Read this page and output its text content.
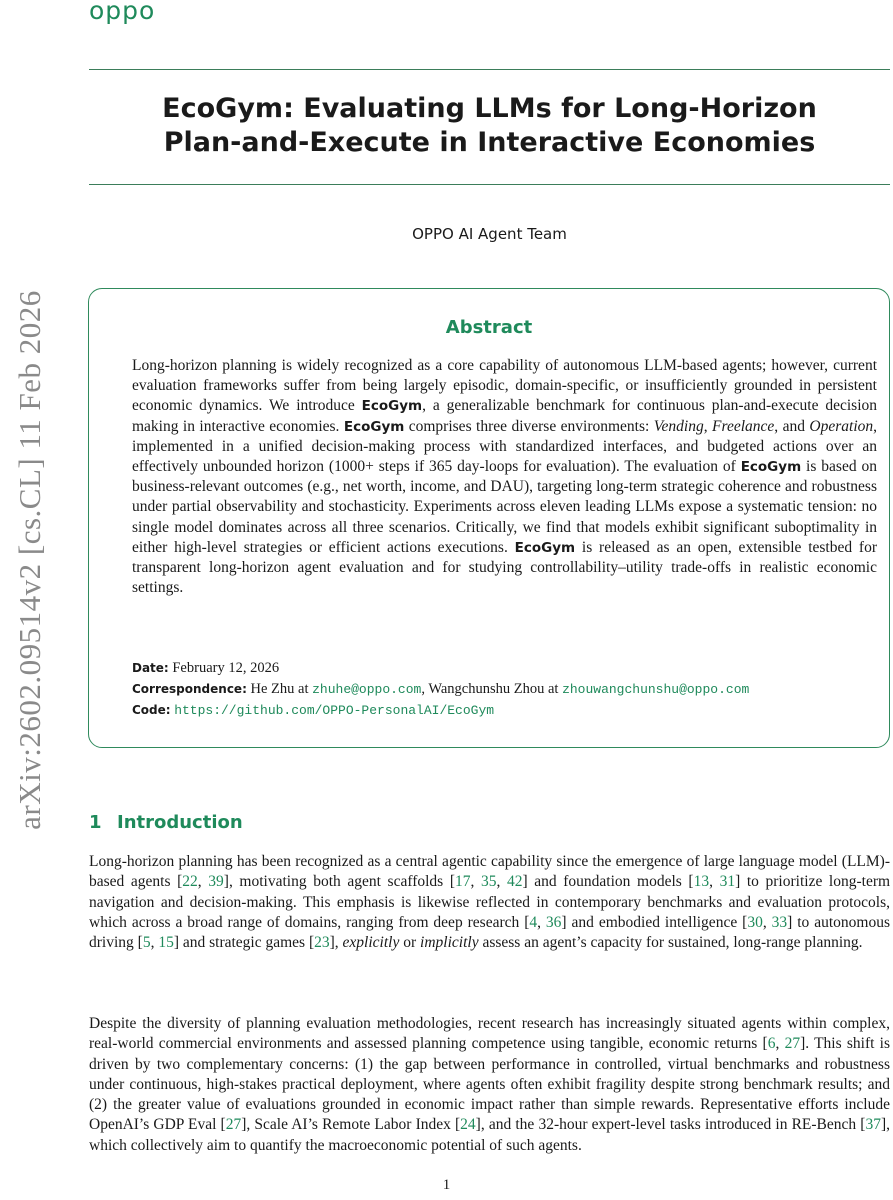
oppo
arXiv:2602.09514v2 [cs.CL] 11 Feb 2026
EcoGym: Evaluating LLMs for Long-Horizon
Plan-and-Execute in Interactive Economies
OPPO AI Agent Team
Abstract
Long-horizon planning is widely recognized as a core capability of autonomous LLM-based agents; however, current evaluation frameworks suffer from being largely episodic, domain-specific, or insufficiently grounded in persistent economic dynamics. We introduce EcoGym, a generalizable benchmark for continuous plan-and-execute decision making in interactive economies. EcoGym comprises three diverse environments: Vending, Freelance, and Operation, implemented in a unified decision-making process with standardized interfaces, and budgeted actions over an effectively unbounded horizon (1000+ steps if 365 day-loops for evaluation). The evaluation of EcoGym is based on business-relevant outcomes (e.g., net worth, income, and DAU), targeting long-term strategic coherence and robustness under partial observability and stochasticity. Experiments across eleven leading LLMs expose a systematic tension: no single model dominates across all three scenarios. Critically, we find that models exhibit significant suboptimality in either high-level strategies or efficient actions executions. EcoGym is released as an open, extensible testbed for transparent long-horizon agent evaluation and for studying controllability–utility trade-offs in realistic economic settings.
Date: February 12, 2026
Correspondence: He Zhu at zhuhe@oppo.com, Wangchunshu Zhou at zhouwangchunshu@oppo.com
Code: https://github.com/OPPO-PersonalAI/EcoGym
1 Introduction
Long-horizon planning has been recognized as a central agentic capability since the emergence of large language model (LLM)-based agents [22, 39], motivating both agent scaffolds [17, 35, 42] and foundation models [13, 31] to prioritize long-term navigation and decision-making. This emphasis is likewise reflected in contemporary benchmarks and evaluation protocols, which across a broad range of domains, ranging from deep research [4, 36] and embodied intelligence [30, 33] to autonomous driving [5, 15] and strategic games [23], explicitly or implicitly assess an agent’s capacity for sustained, long-range planning.
Despite the diversity of planning evaluation methodologies, recent research has increasingly situated agents within complex, real-world commercial environments and assessed planning competence using tangible, economic returns [6, 27]. This shift is driven by two complementary concerns: (1) the gap between performance in controlled, virtual benchmarks and robustness under continuous, high-stakes practical deployment, where agents often exhibit fragility despite strong benchmark results; and (2) the greater value of evaluations grounded in economic impact rather than simple rewards. Representative efforts include OpenAI’s GDP Eval [27], Scale AI’s Remote Labor Index [24], and the 32-hour expert-level tasks introduced in RE-Bench [37], which collectively aim to quantify the macroeconomic potential of such agents.
1
